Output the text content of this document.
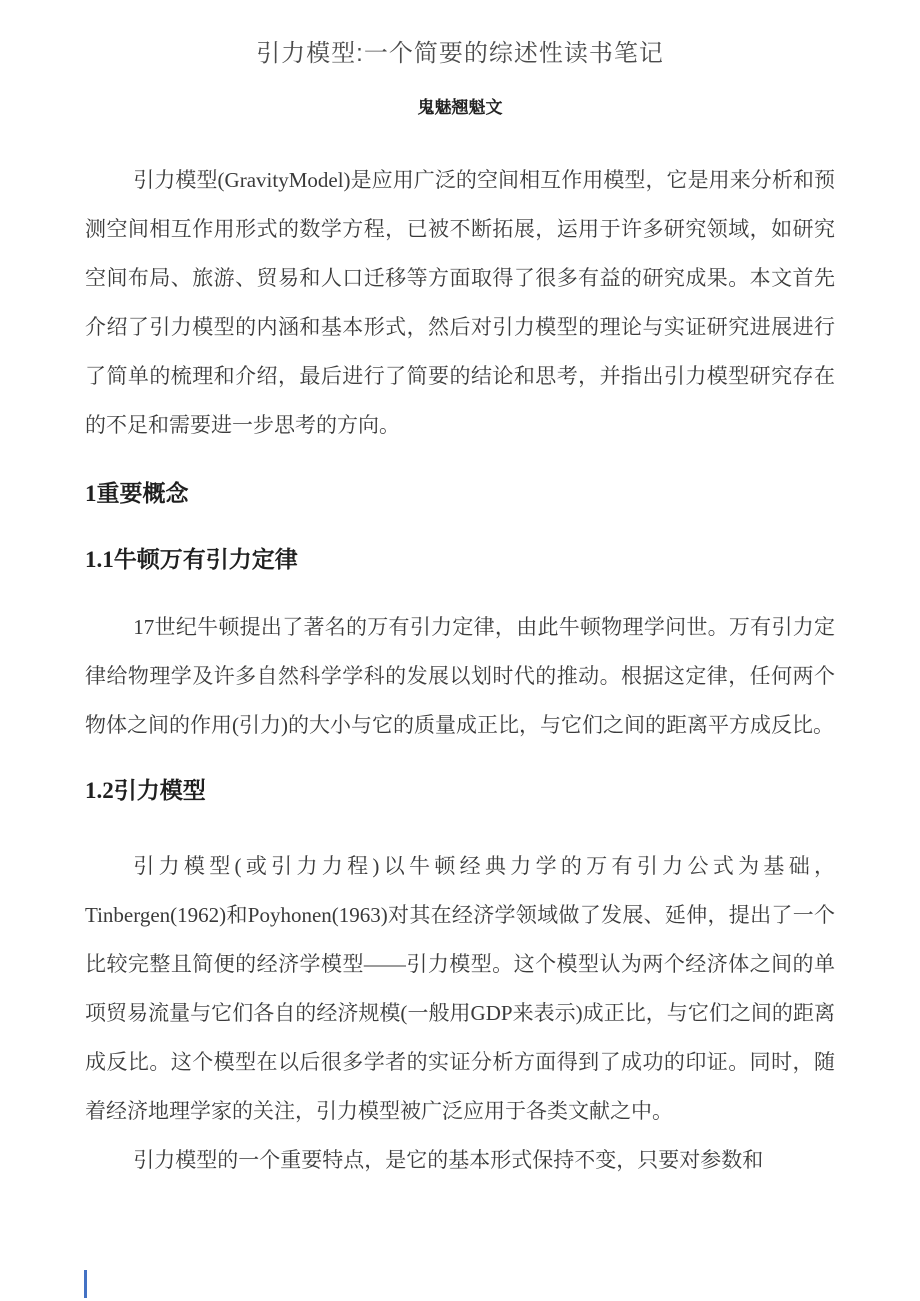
引力模型:一个简要的综述性读书笔记
鬼魅翘魁文

引力模型(GravityModel)是应用广泛的空间相互作用模型，它是用来分析和预测空间相互作用形式的数学方程，已被不断拓展，运用于许多研究领域，如研究空间布局、旅游、贸易和人口迁移等方面取得了很多有益的研究成果。本文首先介绍了引力模型的内涵和基本形式，然后对引力模型的理论与实证研究进展进行了简单的梳理和介绍，最后进行了简要的结论和思考，并指出引力模型研究存在的不足和需要进一步思考的方向。

1重要概念
1.1牛顿万有引力定律

17世纪牛顿提出了著名的万有引力定律，由此牛顿物理学问世。万有引力定律给物理学及许多自然科学学科的发展以划时代的推动。根据这定律，任何两个物体之间的作用(引力)的大小与它的质量成正比，与它们之间的距离平方成反比。

1.2引力模型

引力模型(或引力力程)以牛顿经典力学的万有引力公式为基础，Tinbergen(1962)和Poyhonen(1963)对其在经济学领域做了发展、延伸，提出了一个比较完整且简便的经济学模型——引力模型。这个模型认为两个经济体之间的单项贸易流量与它们各自的经济规模(一般用GDP来表示)成正比，与它们之间的距离成反比。这个模型在以后很多学者的实证分析方面得到了成功的印证。同时，随着经济地理学家的关注，引力模型被广泛应用于各类文献之中。

引力模型的一个重要特点，是它的基本形式保持不变，只要对参数和
